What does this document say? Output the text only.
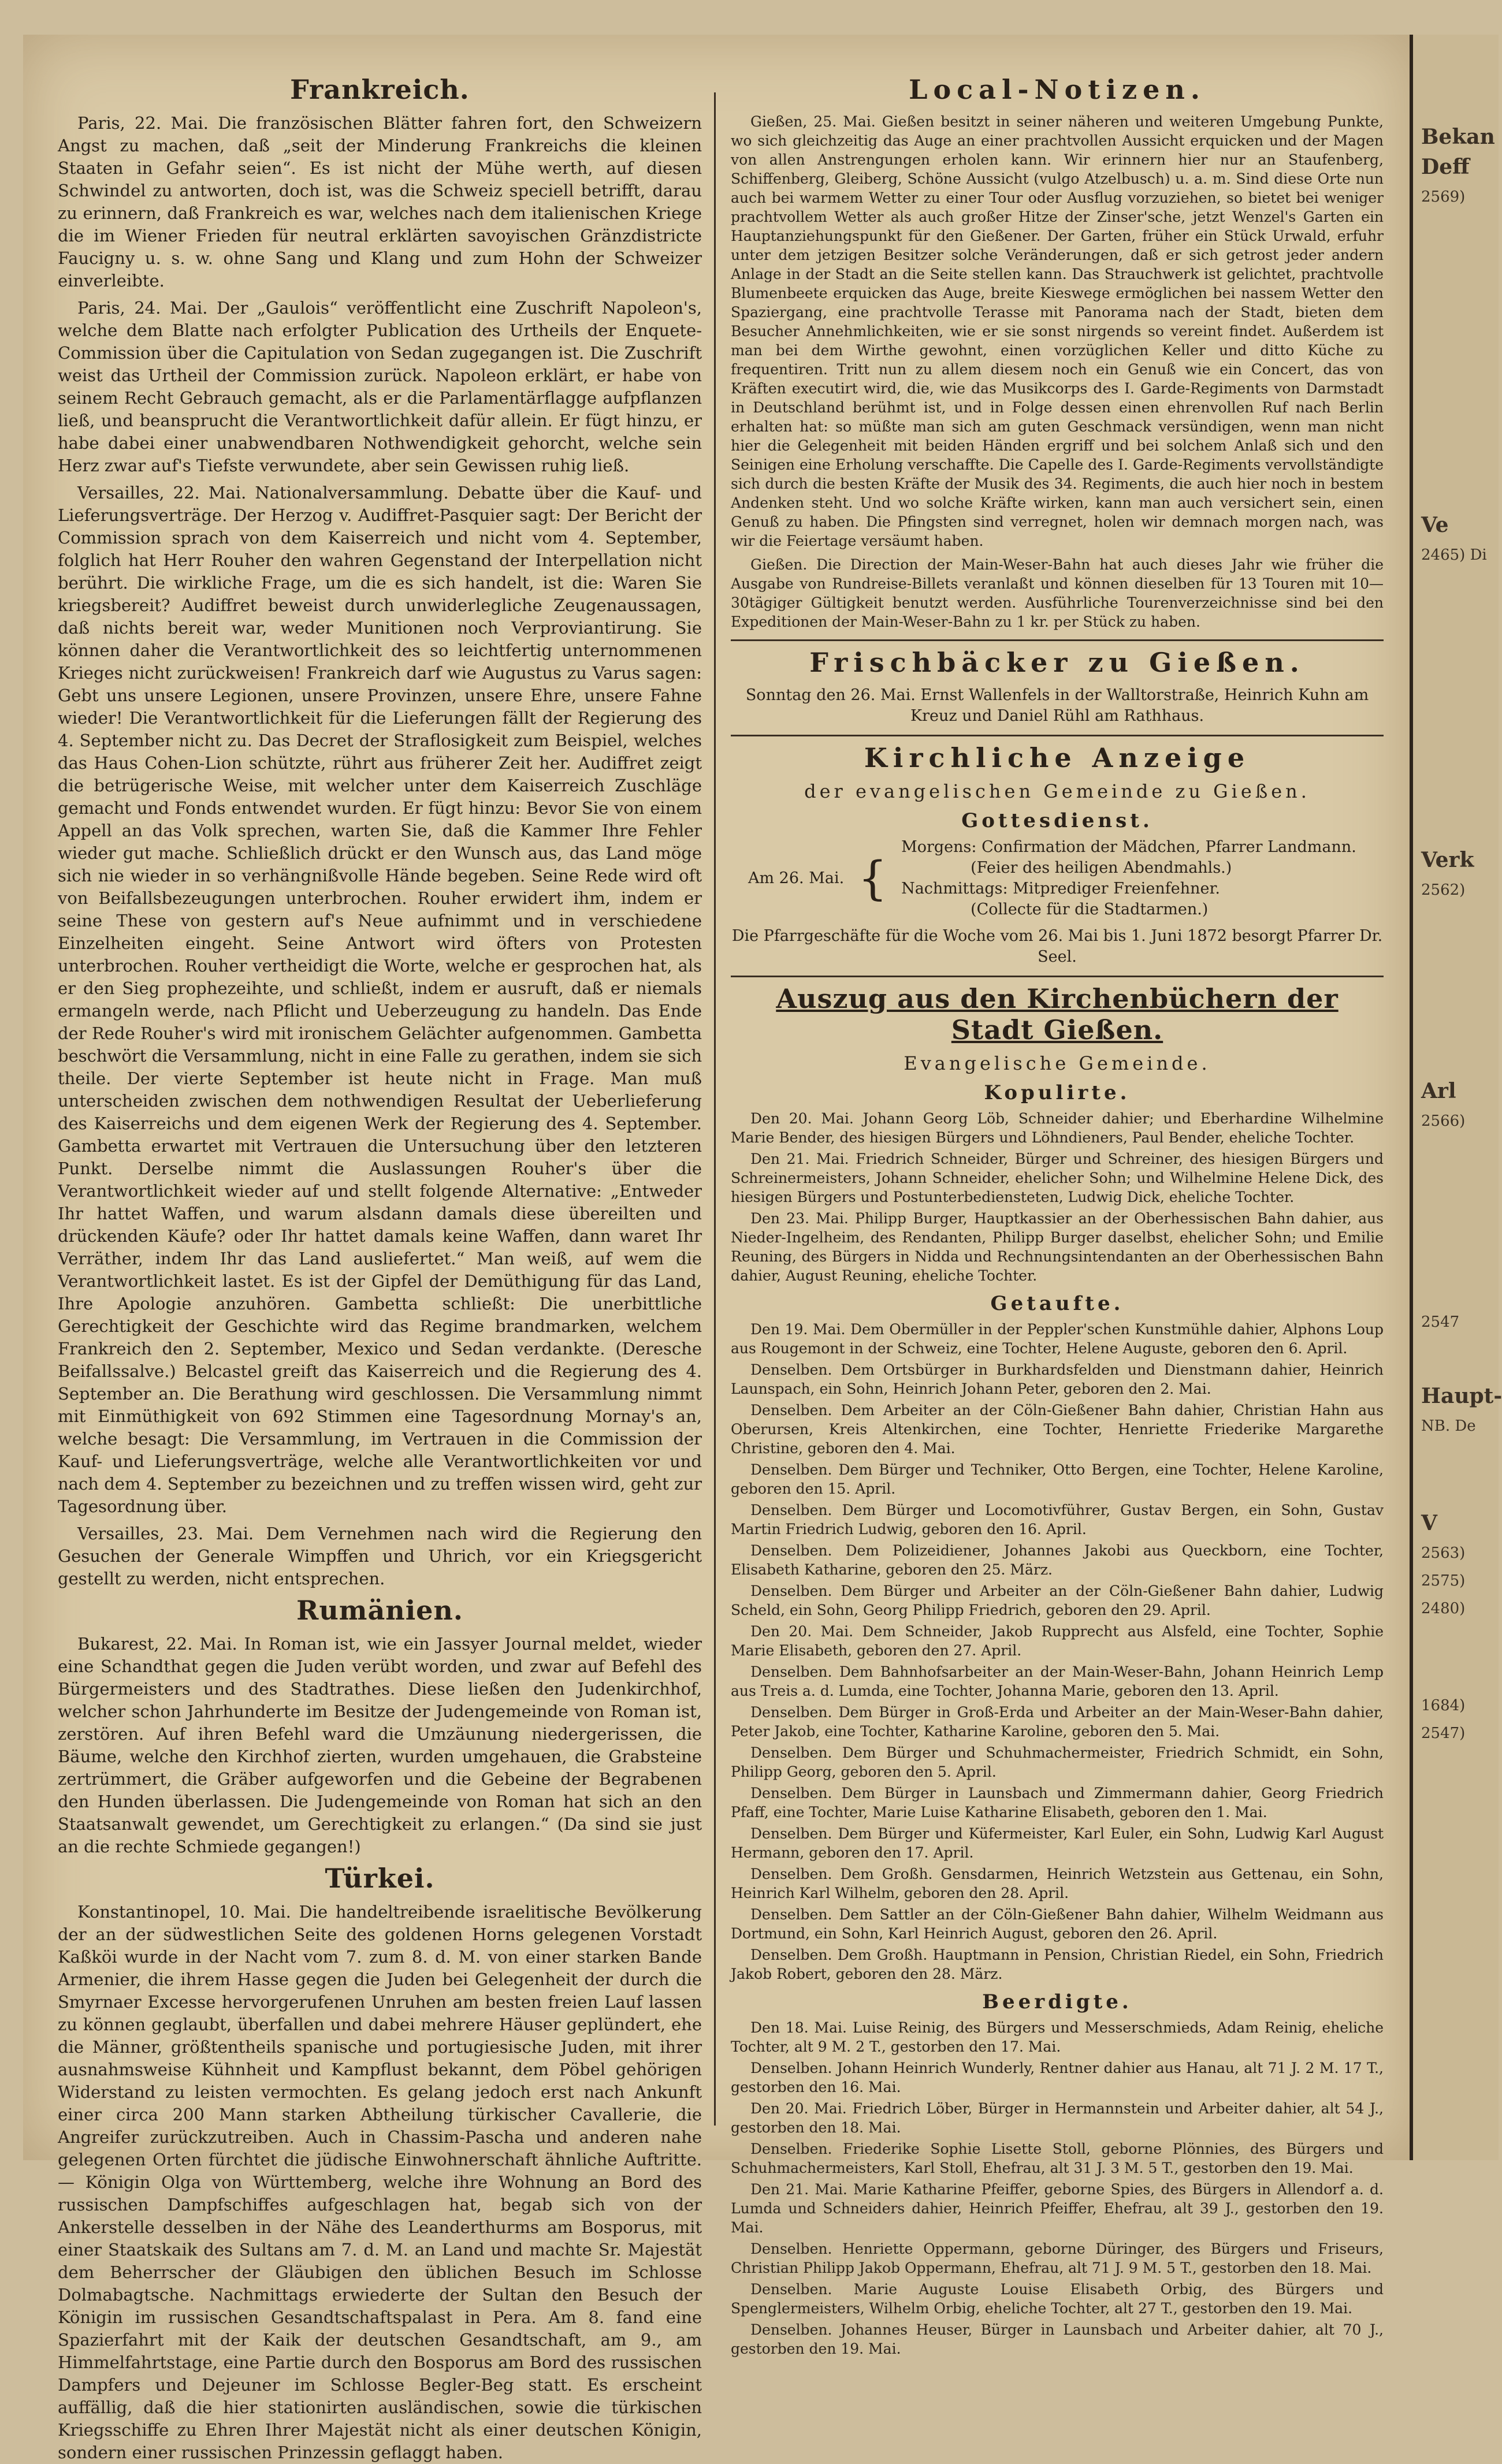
Frankreich.

Paris, 22. Mai. Die französischen Blätter fahren fort, den Schweizern Angst zu machen, daß „seit der Minderung Frankreichs die kleinen Staaten in Gefahr seien“. Es ist nicht der Mühe werth, auf diesen Schwindel zu antworten, doch ist, was die Schweiz speciell betrifft, darau zu erinnern, daß Frankreich es war, welches nach dem italienischen Kriege die im Wiener Frieden für neutral erklärten savoyischen Gränzdistricte Faucigny u. s. w. ohne Sang und Klang und zum Hohn der Schweizer einverleibte.

Paris, 24. Mai. Der „Gaulois“ veröffentlicht eine Zuschrift Napoleon's, welche dem Blatte nach erfolgter Publication des Urtheils der Enquete-Commission über die Capitulation von Sedan zugegangen ist. Die Zuschrift weist das Urtheil der Commission zurück. Napoleon erklärt, er habe von seinem Recht Gebrauch gemacht, als er die Parlamentärflagge aufpflanzen ließ, und beansprucht die Verantwortlichkeit dafür allein. Er fügt hinzu, er habe dabei einer unabwendbaren Nothwendigkeit gehorcht, welche sein Herz zwar auf's Tiefste verwundete, aber sein Gewissen ruhig ließ.

Versailles, 22. Mai. Nationalversammlung. Debatte über die Kauf- und Lieferungsverträge. Der Herzog v. Audiffret-Pasquier sagt: Der Bericht der Commission sprach von dem Kaiserreich und nicht vom 4. September, folglich hat Herr Rouher den wahren Gegenstand der Interpellation nicht berührt. Die wirkliche Frage, um die es sich handelt, ist die: Waren Sie kriegsbereit? Audiffret beweist durch unwiderlegliche Zeugenaussagen, daß nichts bereit war, weder Munitionen noch Verproviantirung. Sie können daher die Verantwortlichkeit des so leichtfertig unternommenen Krieges nicht zurückweisen! Frankreich darf wie Augustus zu Varus sagen: Gebt uns unsere Legionen, unsere Provinzen, unsere Ehre, unsere Fahne wieder! Die Verantwortlichkeit für die Lieferungen fällt der Regierung des 4. September nicht zu. Das Decret der Straflosigkeit zum Beispiel, welches das Haus Cohen-Lion schützte, rührt aus früherer Zeit her. Audiffret zeigt die betrügerische Weise, mit welcher unter dem Kaiserreich Zuschläge gemacht und Fonds entwendet wurden. Er fügt hinzu: Bevor Sie von einem Appell an das Volk sprechen, warten Sie, daß die Kammer Ihre Fehler wieder gut mache. Schließlich drückt er den Wunsch aus, das Land möge sich nie wieder in so verhängnißvolle Hände begeben. Seine Rede wird oft von Beifallsbezeugungen unterbrochen. Rouher erwidert ihm, indem er seine These von gestern auf's Neue aufnimmt und in verschiedene Einzelheiten eingeht. Seine Antwort wird öfters von Protesten unterbrochen. Rouher vertheidigt die Worte, welche er gesprochen hat, als er den Sieg prophezeihte, und schließt, indem er ausruft, daß er niemals ermangeln werde, nach Pflicht und Ueberzeugung zu handeln. Das Ende der Rede Rouher's wird mit ironischem Gelächter aufgenommen. Gambetta beschwört die Versammlung, nicht in eine Falle zu gerathen, indem sie sich theile. Der vierte September ist heute nicht in Frage. Man muß unterscheiden zwischen dem nothwendigen Resultat der Ueberlieferung des Kaiserreichs und dem eigenen Werk der Regierung des 4. September. Gambetta erwartet mit Vertrauen die Untersuchung über den letzteren Punkt. Derselbe nimmt die Auslassungen Rouher's über die Verantwortlichkeit wieder auf und stellt folgende Alternative: „Entweder Ihr hattet Waffen, und warum alsdann damals diese übereilten und drückenden Käufe? oder Ihr hattet damals keine Waffen, dann waret Ihr Verräther, indem Ihr das Land ausliefertet.“ Man weiß, auf wem die Verantwortlichkeit lastet. Es ist der Gipfel der Demüthigung für das Land, Ihre Apologie anzuhören. Gambetta schließt: Die unerbittliche Gerechtigkeit der Geschichte wird das Regime brandmarken, welchem Frankreich den 2. September, Mexico und Sedan verdankte. (Deresche Beifallssalve.) Belcastel greift das Kaiserreich und die Regierung des 4. September an. Die Berathung wird geschlossen. Die Versammlung nimmt mit Einmüthigkeit von 692 Stimmen eine Tagesordnung Mornay's an, welche besagt: Die Versammlung, im Vertrauen in die Commission der Kauf- und Lieferungsverträge, welche alle Verantwortlichkeiten vor und nach dem 4. September zu bezeichnen und zu treffen wissen wird, geht zur Tagesordnung über.

Versailles, 23. Mai. Dem Vernehmen nach wird die Regierung den Gesuchen der Generale Wimpffen und Uhrich, vor ein Kriegsgericht gestellt zu werden, nicht entsprechen.

Rumänien.

Bukarest, 22. Mai. In Roman ist, wie ein Jassyer Journal meldet, wieder eine Schandthat gegen die Juden verübt worden, und zwar auf Befehl des Bürgermeisters und des Stadtrathes. Diese ließen den Judenkirchhof, welcher schon Jahrhunderte im Besitze der Judengemeinde von Roman ist, zerstören. Auf ihren Befehl ward die Umzäunung niedergerissen, die Bäume, welche den Kirchhof zierten, wurden umgehauen, die Grabsteine zertrümmert, die Gräber aufgeworfen und die Gebeine der Begrabenen den Hunden überlassen. Die Judengemeinde von Roman hat sich an den Staatsanwalt gewendet, um Gerechtigkeit zu erlangen.“ (Da sind sie just an die rechte Schmiede gegangen!)

Türkei.

Konstantinopel, 10. Mai. Die handeltreibende israelitische Bevölkerung der an der südwestlichen Seite des goldenen Horns gelegenen Vorstadt Kaßköi wurde in der Nacht vom 7. zum 8. d. M. von einer starken Bande Armenier, die ihrem Hasse gegen die Juden bei Gelegenheit der durch die Smyrnaer Excesse hervorgerufenen Unruhen am besten freien Lauf lassen zu können geglaubt, überfallen und dabei mehrere Häuser geplündert, ehe die Männer, größtentheils spanische und portugiesische Juden, mit ihrer ausnahmsweise Kühnheit und Kampflust bekannt, dem Pöbel gehörigen Widerstand zu leisten vermochten. Es gelang jedoch erst nach Ankunft einer circa 200 Mann starken Abtheilung türkischer Cavallerie, die Angreifer zurückzutreiben. Auch in Chassim-Pascha und anderen nahe gelegenen Orten fürchtet die jüdische Einwohnerschaft ähnliche Auftritte. — Königin Olga von Württemberg, welche ihre Wohnung an Bord des russischen Dampfschiffes aufgeschlagen hat, begab sich von der Ankerstelle desselben in der Nähe des Leanderthurms am Bosporus, mit einer Staatskaik des Sultans am 7. d. M. an Land und machte Sr. Majestät dem Beherrscher der Gläubigen den üblichen Besuch im Schlosse Dolmabagtsche. Nachmittags erwiederte der Sultan den Besuch der Königin im russischen Gesandtschaftspalast in Pera. Am 8. fand eine Spazierfahrt mit der Kaik der deutschen Gesandtschaft, am 9., am Himmelfahrtstage, eine Partie durch den Bosporus am Bord des russischen Dampfers und Dejeuner im Schlosse Begler-Beg statt. Es erscheint auffällig, daß die hier stationirten ausländischen, sowie die türkischen Kriegsschiffe zu Ehren Ihrer Majestät nicht als einer deutschen Königin, sondern einer russischen Prinzessin geflaggt haben.

Local-Notizen.

Gießen, 25. Mai. Gießen besitzt in seiner näheren und weiteren Umgebung Punkte, wo sich gleichzeitig das Auge an einer prachtvollen Aussicht erquicken und der Magen von allen Anstrengungen erholen kann. Wir erinnern hier nur an Staufenberg, Schiffenberg, Gleiberg, Schöne Aussicht (vulgo Atzelbusch) u. a. m. Sind diese Orte nun auch bei warmem Wetter zu einer Tour oder Ausflug vorzuziehen, so bietet bei weniger prachtvollem Wetter als auch großer Hitze der Zinser'sche, jetzt Wenzel's Garten ein Hauptanziehungspunkt für den Gießener. Der Garten, früher ein Stück Urwald, erfuhr unter dem jetzigen Besitzer solche Veränderungen, daß er sich getrost jeder andern Anlage in der Stadt an die Seite stellen kann. Das Strauchwerk ist gelichtet, prachtvolle Blumenbeete erquicken das Auge, breite Kieswege ermöglichen bei nassem Wetter den Spaziergang, eine prachtvolle Terasse mit Panorama nach der Stadt, bieten dem Besucher Annehmlichkeiten, wie er sie sonst nirgends so vereint findet. Außerdem ist man bei dem Wirthe gewohnt, einen vorzüglichen Keller und ditto Küche zu frequentiren. Tritt nun zu allem diesem noch ein Genuß wie ein Concert, das von Kräften executirt wird, die, wie das Musikcorps des I. Garde-Regiments von Darmstadt in Deutschland berühmt ist, und in Folge dessen einen ehrenvollen Ruf nach Berlin erhalten hat: so müßte man sich am guten Geschmack versündigen, wenn man nicht hier die Gelegenheit mit beiden Händen ergriff und bei solchem Anlaß sich und den Seinigen eine Erholung verschaffte. Die Capelle des I. Garde-Regiments vervollständigte sich durch die besten Kräfte der Musik des 34. Regiments, die auch hier noch in bestem Andenken steht. Und wo solche Kräfte wirken, kann man auch versichert sein, einen Genuß zu haben. Die Pfingsten sind verregnet, holen wir demnach morgen nach, was wir die Feiertage versäumt haben.

Gießen. Die Direction der Main-Weser-Bahn hat auch dieses Jahr wie früher die Ausgabe von Rundreise-Billets veranlaßt und können dieselben für 13 Touren mit 10—30tägiger Gültigkeit benutzt werden. Ausführliche Tourenverzeichnisse sind bei den Expeditionen der Main-Weser-Bahn zu 1 kr. per Stück zu haben.

Frischbäcker zu Gießen.

Sonntag den 26. Mai. Ernst Wallenfels in der Walltorstraße, Heinrich Kuhn am Kreuz und Daniel Rühl am Rathhaus.

Kirchliche Anzeige
der evangelischen Gemeinde zu Gießen.
Gottesdienst.
Am 26. Mai. {
Morgens: Confirmation der Mädchen, Pfarrer Landmann.
(Feier des heiligen Abendmahls.)
Nachmittags: Mitprediger Freienfehner.
(Collecte für die Stadtarmen.)

Die Pfarrgeschäfte für die Woche vom 26. Mai bis 1. Juni 1872 besorgt Pfarrer Dr. Seel.

Auszug aus den Kirchenbüchern der Stadt Gießen.
Evangelische Gemeinde.
Kopulirte.

Den 20. Mai. Johann Georg Löb, Schneider dahier; und Eberhardine Wilhelmine Marie Bender, des hiesigen Bürgers und Löhndieners, Paul Bender, eheliche Tochter.

Den 21. Mai. Friedrich Schneider, Bürger und Schreiner, des hiesigen Bürgers und Schreinermeisters, Johann Schneider, ehelicher Sohn; und Wilhelmine Helene Dick, des hiesigen Bürgers und Postunterbediensteten, Ludwig Dick, eheliche Tochter.

Den 23. Mai. Philipp Burger, Hauptkassier an der Oberhessischen Bahn dahier, aus Nieder-Ingelheim, des Rendanten, Philipp Burger daselbst, ehelicher Sohn; und Emilie Reuning, des Bürgers in Nidda und Rechnungsintendanten an der Oberhessischen Bahn dahier, August Reuning, eheliche Tochter.

Getaufte.

Den 19. Mai. Dem Obermüller in der Peppler'schen Kunstmühle dahier, Alphons Loup aus Rougemont in der Schweiz, eine Tochter, Helene Auguste, geboren den 6. April.

Denselben. Dem Ortsbürger in Burkhardsfelden und Dienstmann dahier, Heinrich Launspach, ein Sohn, Heinrich Johann Peter, geboren den 2. Mai.

Denselben. Dem Arbeiter an der Cöln-Gießener Bahn dahier, Christian Hahn aus Oberursen, Kreis Altenkirchen, eine Tochter, Henriette Friederike Margarethe Christine, geboren den 4. Mai.

Denselben. Dem Bürger und Techniker, Otto Bergen, eine Tochter, Helene Karoline, geboren den 15. April.

Denselben. Dem Bürger und Locomotivführer, Gustav Bergen, ein Sohn, Gustav Martin Friedrich Ludwig, geboren den 16. April.

Denselben. Dem Polizeidiener, Johannes Jakobi aus Queckborn, eine Tochter, Elisabeth Katharine, geboren den 25. März.

Denselben. Dem Bürger und Arbeiter an der Cöln-Gießener Bahn dahier, Ludwig Scheld, ein Sohn, Georg Philipp Friedrich, geboren den 29. April.

Den 20. Mai. Dem Schneider, Jakob Rupprecht aus Alsfeld, eine Tochter, Sophie Marie Elisabeth, geboren den 27. April.

Denselben. Dem Bahnhofsarbeiter an der Main-Weser-Bahn, Johann Heinrich Lemp aus Treis a. d. Lumda, eine Tochter, Johanna Marie, geboren den 13. April.

Denselben. Dem Bürger in Groß-Erda und Arbeiter an der Main-Weser-Bahn dahier, Peter Jakob, eine Tochter, Katharine Karoline, geboren den 5. Mai.

Denselben. Dem Bürger und Schuhmachermeister, Friedrich Schmidt, ein Sohn, Philipp Georg, geboren den 5. April.

Denselben. Dem Bürger in Launsbach und Zimmermann dahier, Georg Friedrich Pfaff, eine Tochter, Marie Luise Katharine Elisabeth, geboren den 1. Mai.

Denselben. Dem Bürger und Küfermeister, Karl Euler, ein Sohn, Ludwig Karl August Hermann, geboren den 17. April.

Denselben. Dem Großh. Gensdarmen, Heinrich Wetzstein aus Gettenau, ein Sohn, Heinrich Karl Wilhelm, geboren den 28. April.

Denselben. Dem Sattler an der Cöln-Gießener Bahn dahier, Wilhelm Weidmann aus Dortmund, ein Sohn, Karl Heinrich August, geboren den 26. April.

Denselben. Dem Großh. Hauptmann in Pension, Christian Riedel, ein Sohn, Friedrich Jakob Robert, geboren den 28. März.

Beerdigte.

Den 18. Mai. Luise Reinig, des Bürgers und Messerschmieds, Adam Reinig, eheliche Tochter, alt 9 M. 2 T., gestorben den 17. Mai.

Denselben. Johann Heinrich Wunderly, Rentner dahier aus Hanau, alt 71 J. 2 M. 17 T., gestorben den 16. Mai.

Den 20. Mai. Friedrich Löber, Bürger in Hermannstein und Arbeiter dahier, alt 54 J., gestorben den 18. Mai.

Denselben. Friederike Sophie Lisette Stoll, geborne Plönnies, des Bürgers und Schuhmachermeisters, Karl Stoll, Ehefrau, alt 31 J. 3 M. 5 T., gestorben den 19. Mai.

Den 21. Mai. Marie Katharine Pfeiffer, geborne Spies, des Bürgers in Allendorf a. d. Lumda und Schneiders dahier, Heinrich Pfeiffer, Ehefrau, alt 39 J., gestorben den 19. Mai.

Denselben. Henriette Oppermann, geborne Düringer, des Bürgers und Friseurs, Christian Philipp Jakob Oppermann, Ehefrau, alt 71 J. 9 M. 5 T., gestorben den 18. Mai.

Denselben. Marie Auguste Louise Elisabeth Orbig, des Bürgers und Spenglermeisters, Wilhelm Orbig, eheliche Tochter, alt 27 T., gestorben den 19. Mai.

Denselben. Johannes Heuser, Bürger in Launsbach und Arbeiter dahier, alt 70 J., gestorben den 19. Mai.

Bekan
Deff
2569)
Ve
2465) Di
Verk
2562)
Arl
2566)
2547
Haupt-
NB. De
V
2563)
2575)
2480)
1684)
2547)
